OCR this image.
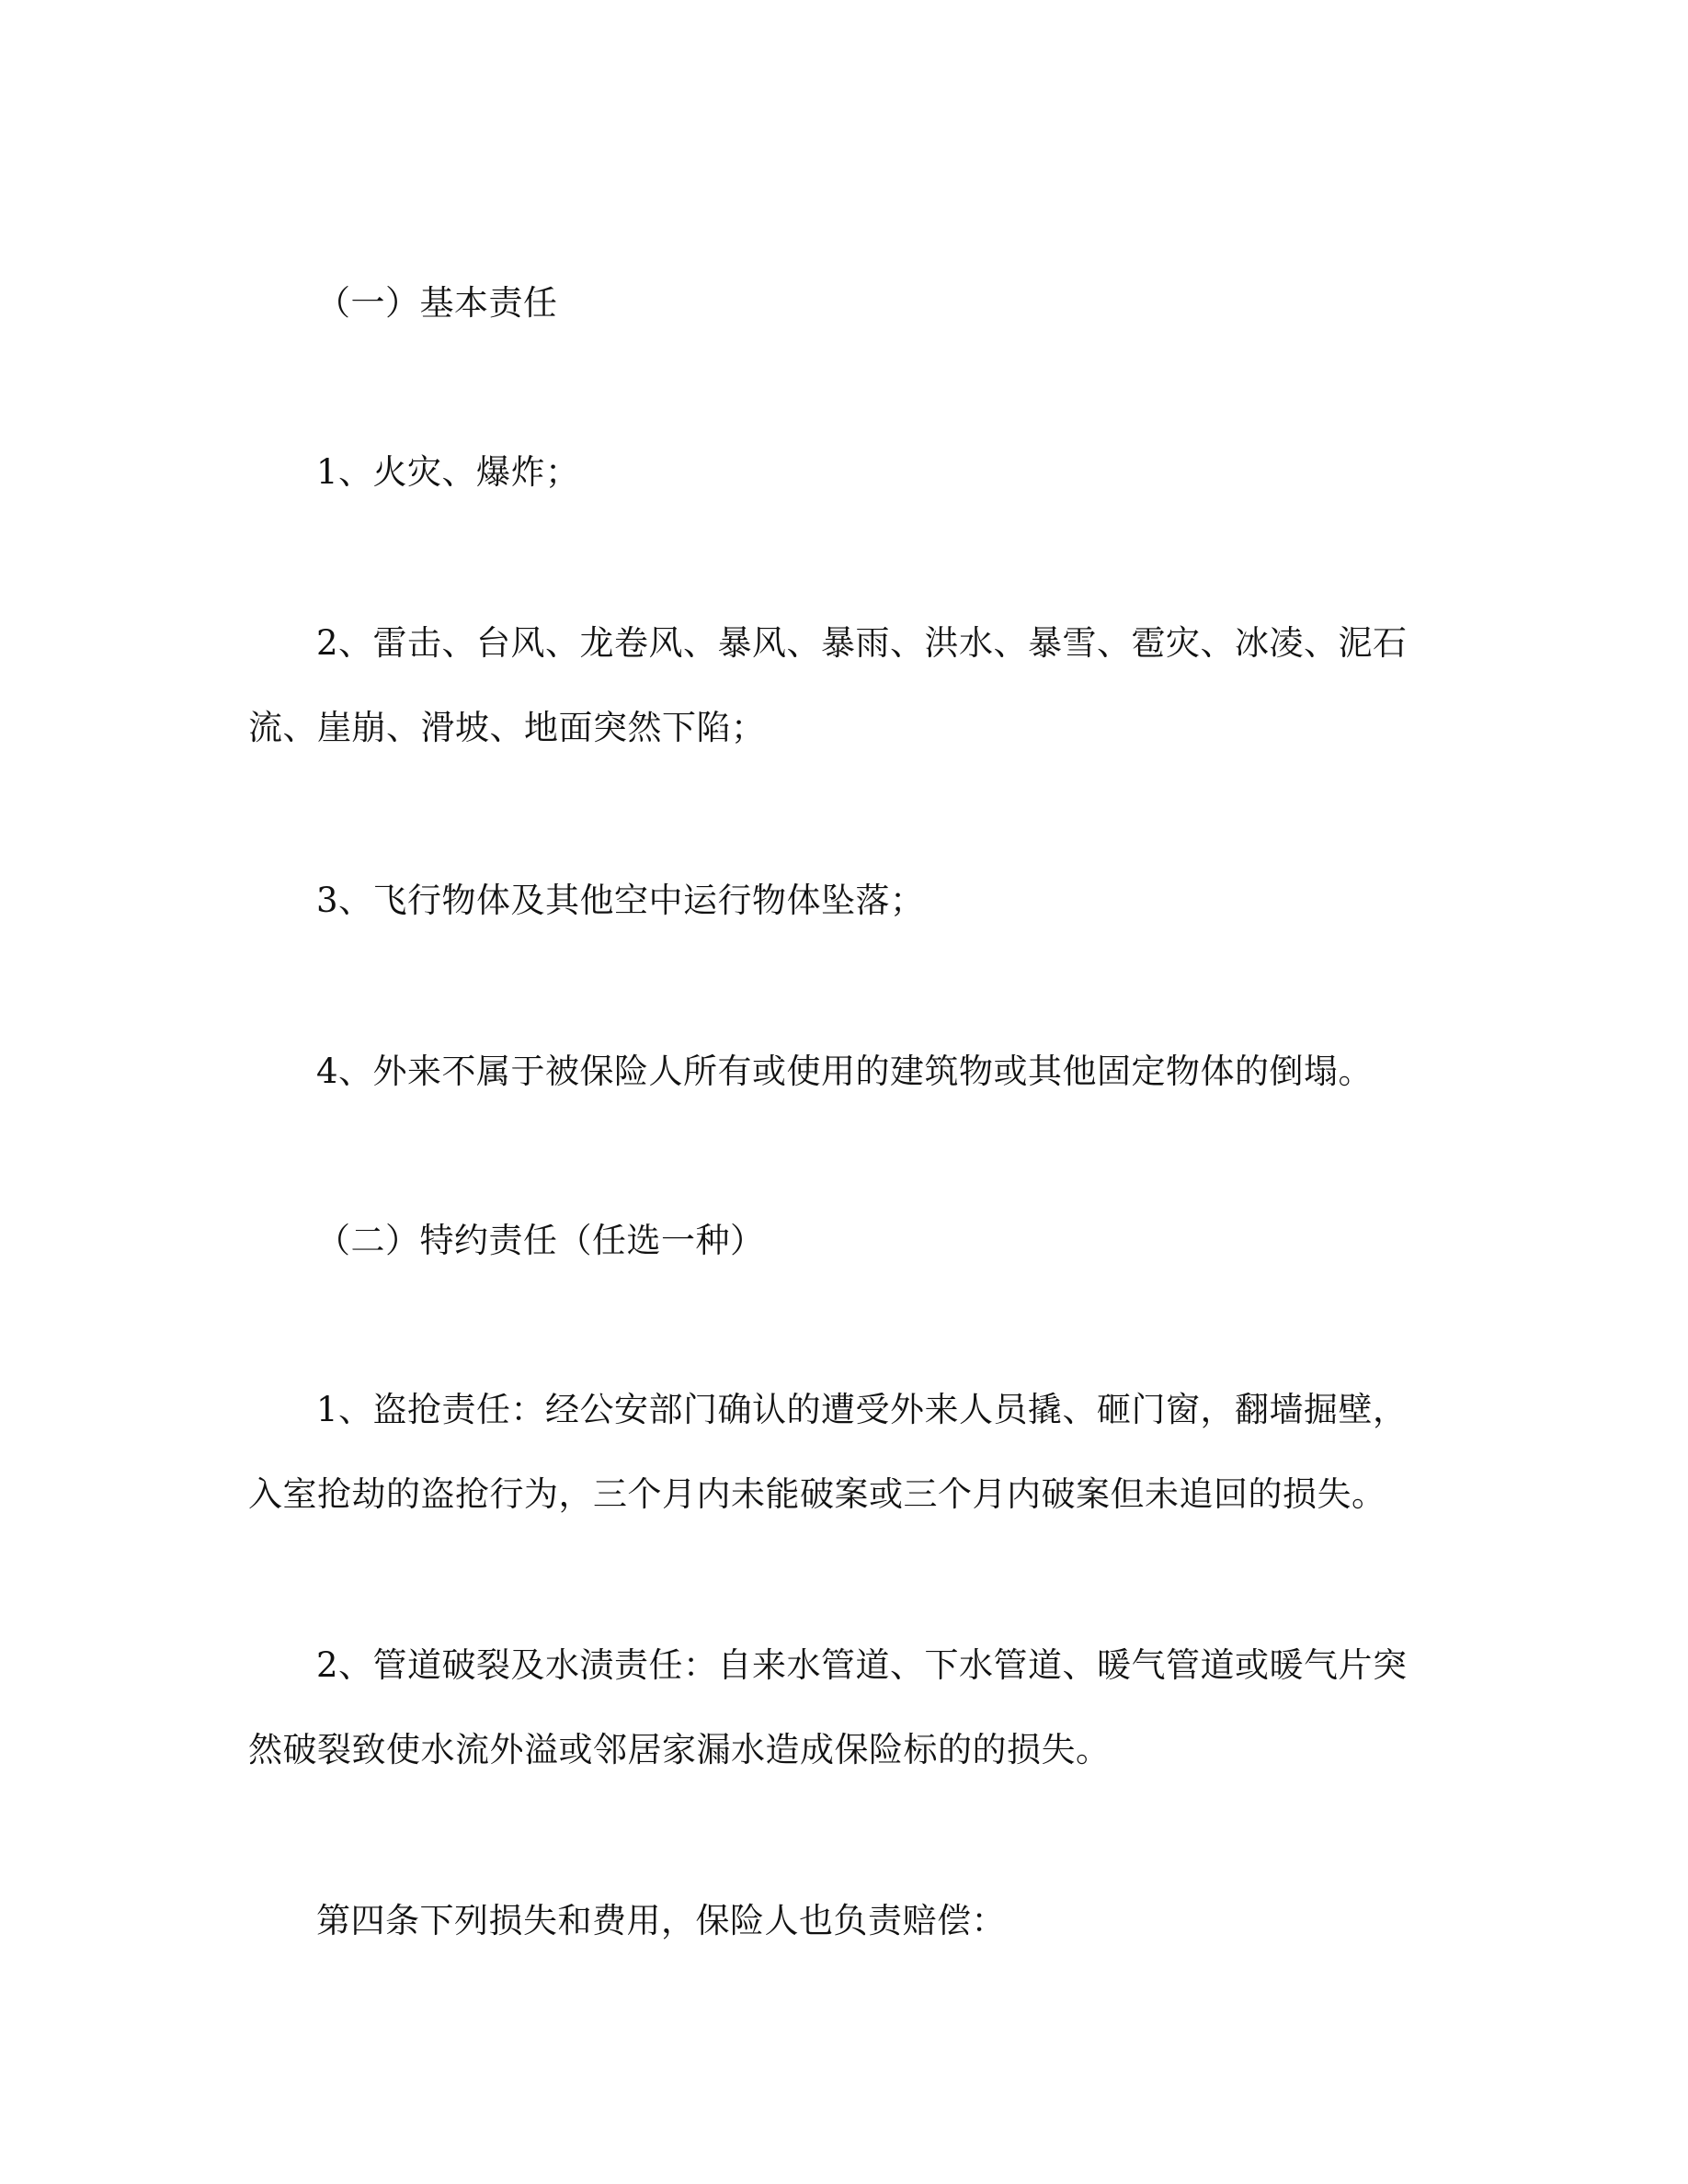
（一）基本责任

1、火灾、爆炸；

2、雷击、台风、龙卷风、暴风、暴雨、洪水、暴雪、雹灾、冰凌、泥石流、崖崩、滑坡、地面突然下陷；

3、飞行物体及其他空中运行物体坠落；

4、外来不属于被保险人所有或使用的建筑物或其他固定物体的倒塌。

（二）特约责任（任选一种）

1、盗抢责任：经公安部门确认的遭受外来人员撬、砸门窗，翻墙掘壁，入室抢劫的盗抢行为，三个月内未能破案或三个月内破案但未追回的损失。

2、管道破裂及水渍责任：自来水管道、下水管道、暖气管道或暖气片突然破裂致使水流外溢或邻居家漏水造成保险标的的损失。

第四条下列损失和费用，保险人也负责赔偿：
